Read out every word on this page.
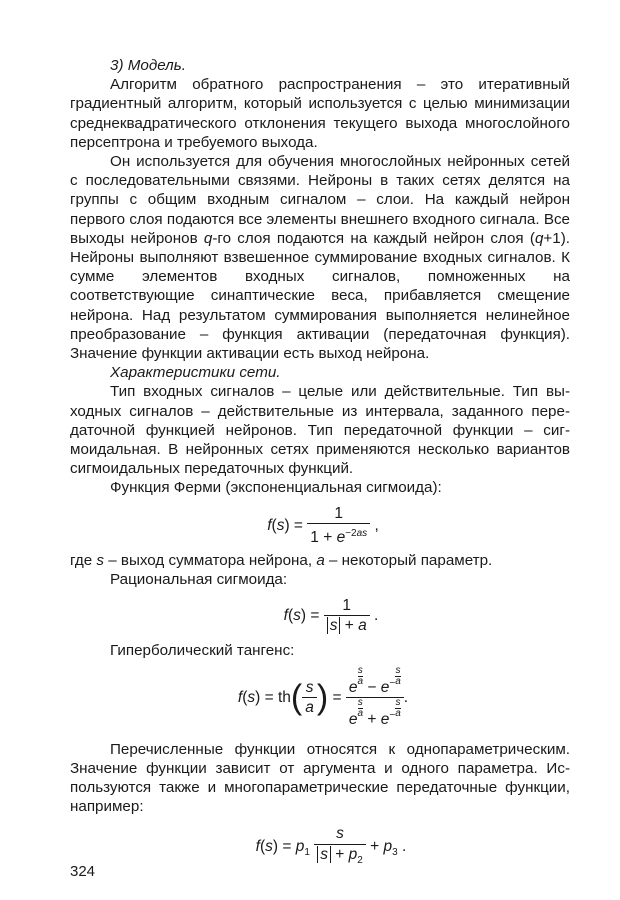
3) Модель.

Алгоритм обратного распространения – это итеративный градиентный алгоритм, который используется с целью минимизации среднеквадратического отклонения текущего выхода многослойного персептрона и требуемого выхода.

Он используется для обучения многослойных нейронных сетей с последовательными связями. Нейроны в таких сетях делятся на группы с общим входным сигналом – слои. На каждый нейрон первого слоя подаются все элементы внешнего входного сигнала. Все выходы нейронов q-го слоя подаются на каждый нейрон слоя (q+1). Нейроны выполняют взвешенное суммирование входных сигналов. К сумме элементов входных сигналов, помноженных на соответствующие синаптические веса, прибавляется смещение нейрона. Над результатом суммирования выполняется нелинейное преобразование – функция активации (передаточная функция). Значение функции активации есть выход нейрона.

Характеристики сети.

Тип входных сигналов – целые или действительные. Тип выходных сигналов – действительные из интервала, заданного передаточной функцией нейронов. Тип передаточной функции – сигмоидальная. В нейронных сетях применяются несколько вариантов сигмоидальных передаточных функций.

Функция Ферми (экспоненциальная сигмоида):

$f(s) = \frac{1}{1 + e^{-2as}}$ ,

где s – выход сумматора нейрона, a – некоторый параметр.

Рациональная сигмоида:

$f(s) = \frac{1}{s + a}$ .

Гиперболический тангенс:

$f(s) = th( \frac{s}{a}$ ) = e
$\frac{s}{a}$
− $e^- \frac{s}{a}$
e
$\frac{s}{a}$
+ $e^- \frac{s}{a}$ .

Перечисленные функции относятся к однопараметрическим. Значение функции зависит от аргумента и одного параметра. Используются также и многопараметрические передаточные функции, например:

$f(s) = p_1 \frac{s}{s + p_2} + p_3$ .
324
